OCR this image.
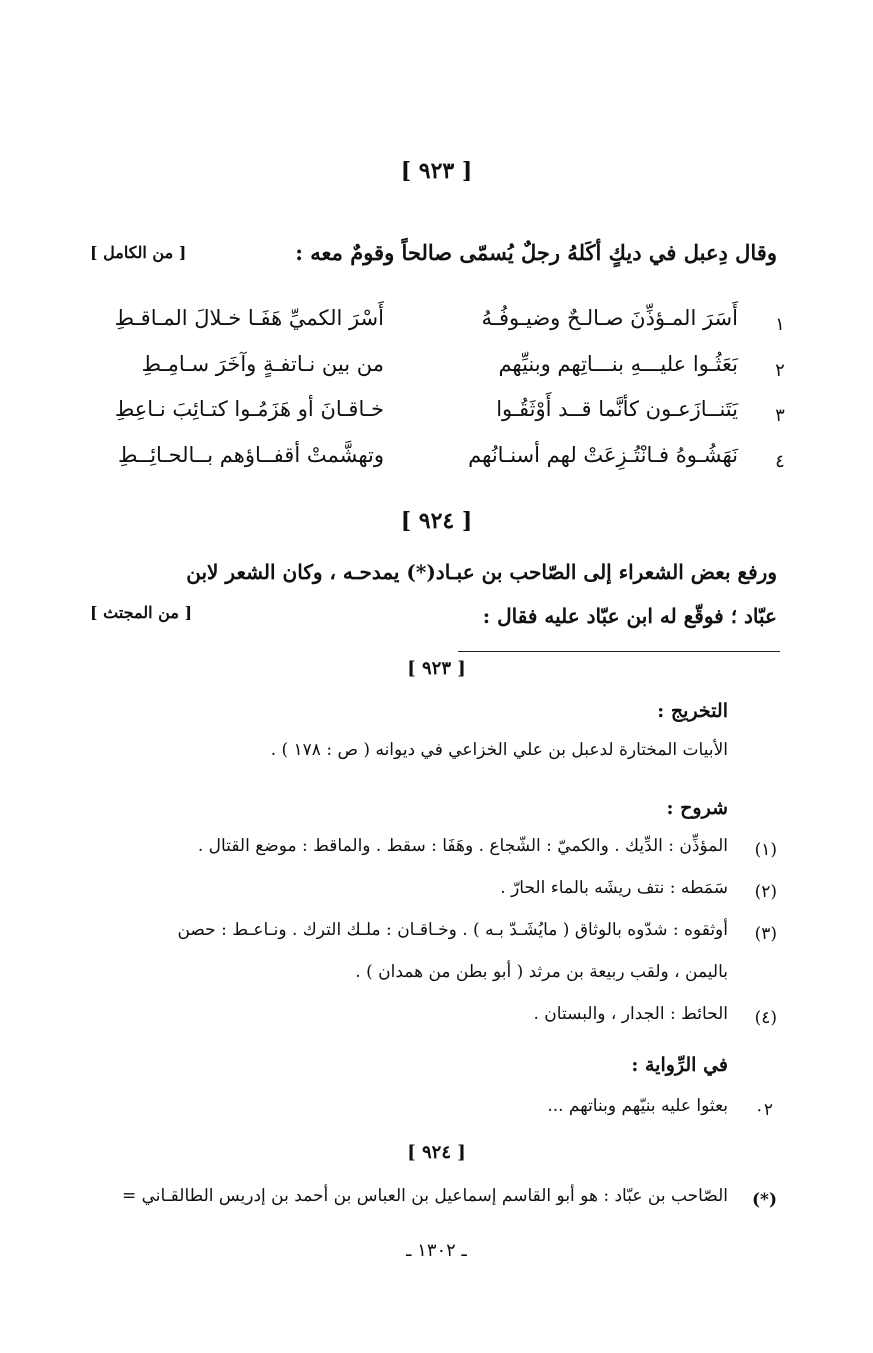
[ ٩٢٣ ]
وقال دِعبل في ديكٍ أكَلهُ رجلٌ يُسمّى صالحاً وقومٌ معه :
[ من الكامل ]
١
أَسَرَ المـؤذِّنَ صـالـحٌ وضيـوفُـهُ
أَسْرَ الكميِّ هَفَـا خـلالَ المـاقـطِ
٢
بَعَثُـوا عليـــهِ بنـــاتِهم وبنيِّهم
من بين نـاتفـةٍ وآخَرَ سـامِـطِ
٣
يَتَنــازَعـون كأنَّما قــد أَوْثَقُـوا
خـاقـانَ أو هَزَمُـوا كتـائِبَ نـاعِطِ
٤
نَهَشُـوهُ فـانْتُـزِعَتْ لهم أسنـانُهم
وتهشَّمتْ أقفــاؤهم بــالحـائِــطِ
[ ٩٢٤ ]
ورفع بعض الشعراء إلى الصّاحب بن عبـاد(*) يمدحـه ، وكان الشعر لابن
عبّاد ؛ فوقّع له ابن عبّاد عليه فقال :
[ من المجتث ]
[ ٩٢٣ ]
التخريج :
الأبيات المختارة لدعبل بن علي الخزاعي في ديوانه ( ص : ١٧٨ ) .
شروح :
(١)
المؤذِّن : الدِّيك . والكميّ : الشّجاع . وهَفَا : سقط . والماقط : موضع القتال .
(٢)
سَمَطه : نتف ريشَه بالماء الحارّ .
(٣)
أوثقوه : شدّوه بالوثاق ( مايُشَـدّ بـه ) . وخـاقـان : ملـك الترك . ونـاعـط : حصن
باليمن ، ولقب ربيعة بن مرثد ( أبو بطن من همدان ) .
(٤)
الحائط : الجدار ، والبستان .
في الرِّواية :
٠٢
بعثوا عليه بنيّهم وبناتهم ...
[ ٩٢٤ ]
(*)
الصّاحب بن عبّاد : هو أبو القاسم إسماعيل بن العباس بن أحمد بن إدريس الطالقـاني =
ـ ١٣٠٢ ـ
